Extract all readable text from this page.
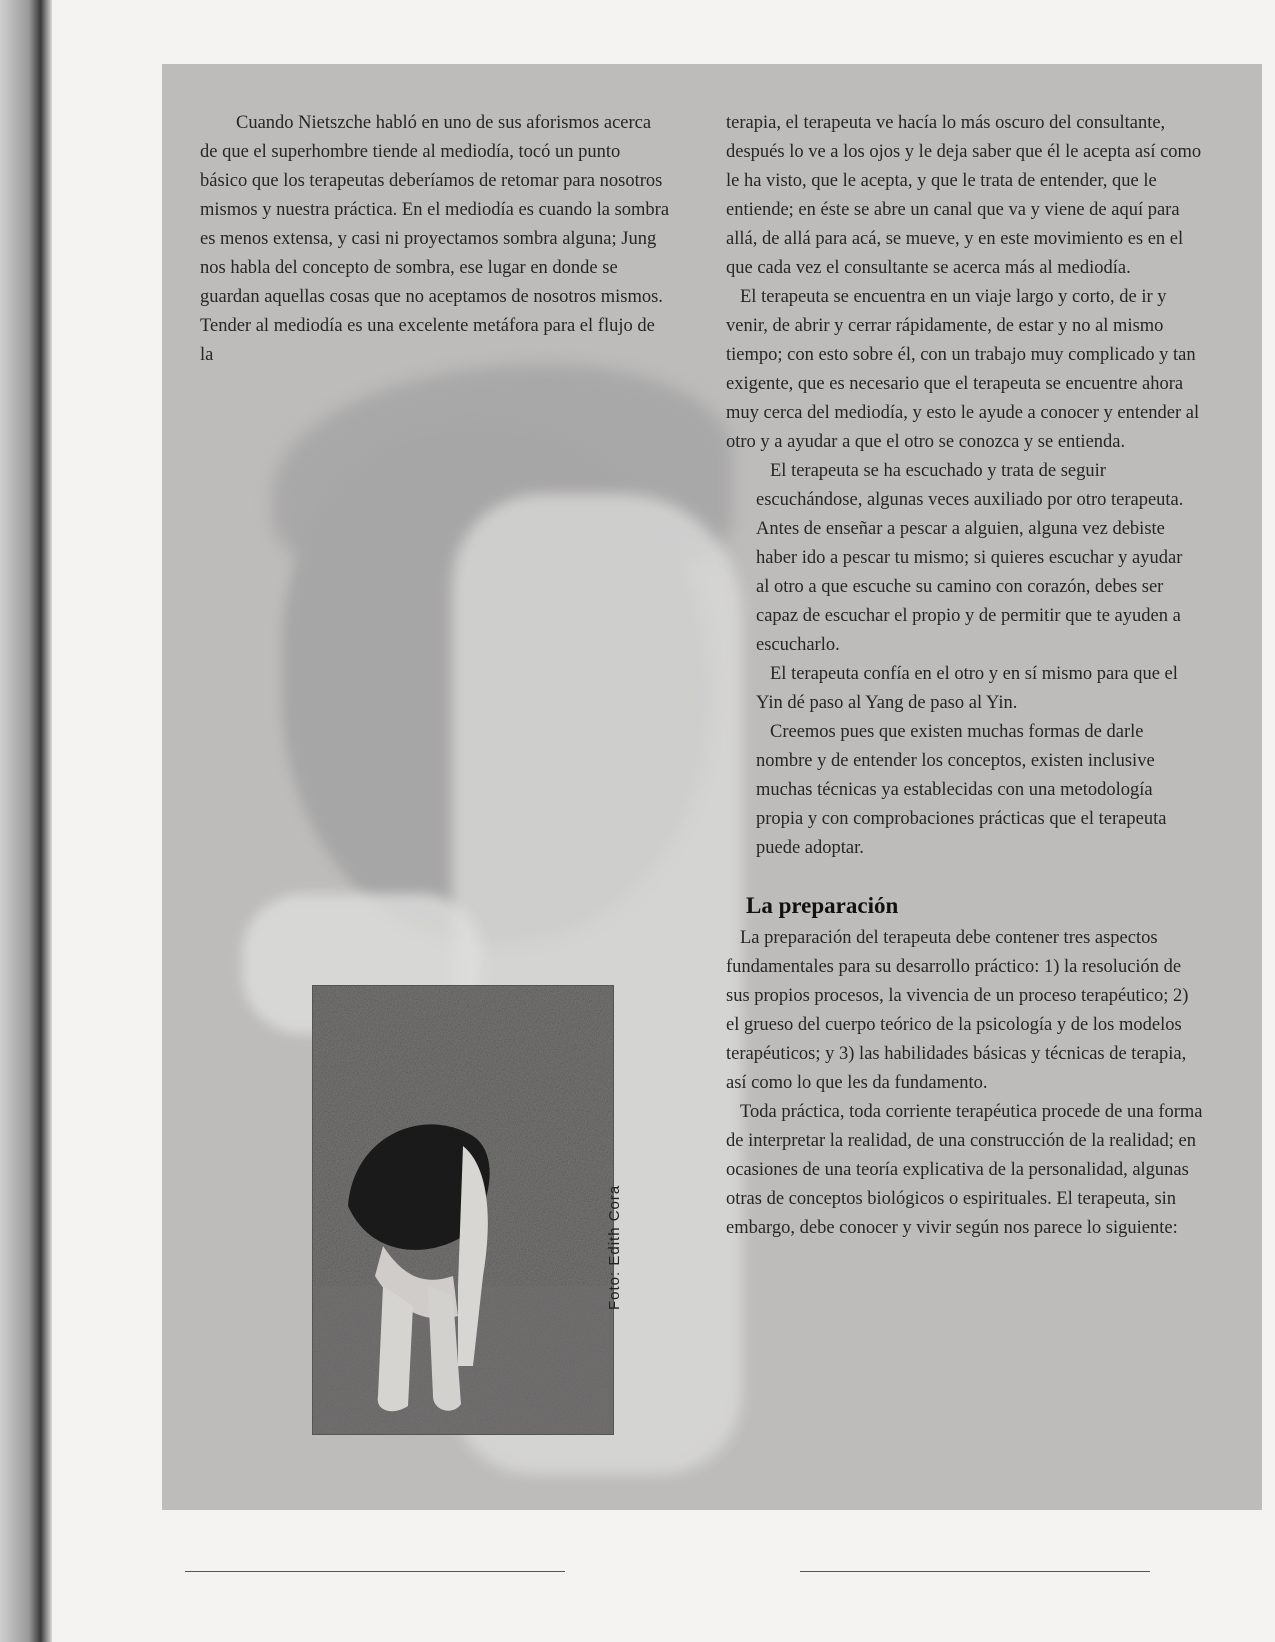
Cuando Nietszche habló en uno de sus aforismos acerca de que el superhombre tiende al mediodía, tocó un punto básico que los terapeutas deberíamos de retomar para nosotros mismos y nuestra práctica. En el mediodía es cuando la sombra es menos extensa, y casi ni proyectamos sombra alguna; Jung nos habla del concepto de sombra, ese lugar en donde se guardan aquellas cosas que no aceptamos de nosotros mismos. Tender al mediodía es una excelente metáfora para el flujo de la

terapia, el terapeuta ve hacía lo más oscuro del consultante, después lo ve a los ojos y le deja saber que él le acepta así como le ha visto, que le acepta, y que le trata de entender, que le entiende; en éste se abre un canal que va y viene de aquí para allá, de allá para acá, se mueve, y en este movimiento es en el que cada vez el consultante se acerca más al mediodía.

El terapeuta se encuentra en un viaje largo y corto, de ir y venir, de abrir y cerrar rápidamente, de estar y no al mismo tiempo; con esto sobre él, con un trabajo muy complicado y tan exigente, que es necesario que el terapeuta se encuentre ahora muy cerca del mediodía, y esto le ayude a conocer y entender al otro y a ayudar a que el otro se conozca y se entienda.

El terapeuta se ha escuchado y trata de seguir escuchándose, algunas veces auxiliado por otro terapeuta. Antes de enseñar a pescar a alguien, alguna vez debiste haber ido a pescar tu mismo; si quieres escuchar y ayudar al otro a que escuche su camino con corazón, debes ser capaz de escuchar el propio y de permitir que te ayuden a escucharlo.

El terapeuta confía en el otro y en sí mismo para que el Yin dé paso al Yang de paso al Yin.

Creemos pues que existen muchas formas de darle nombre y de entender los conceptos, existen inclusive muchas técnicas ya establecidas con una metodología propia y con comprobaciones prácticas que el terapeuta puede adoptar.

La preparación

La preparación del terapeuta debe contener tres aspectos fundamentales para su desarrollo práctico: 1) la resolución de sus propios procesos, la vivencia de un proceso terapéutico; 2) el grueso del cuerpo teórico de la psicología y de los modelos terapéuticos; y 3) las habilidades básicas y técnicas de terapia, así como lo que les da fundamento.

Toda práctica, toda corriente terapéutica procede de una forma de interpretar la realidad, de una construcción de la realidad; en ocasiones de una teoría explicativa de la personalidad, algunas otras de conceptos biológicos o espirituales. El terapeuta, sin embargo, debe conocer y vivir según nos parece lo siguiente:

Foto: Edith Cora
